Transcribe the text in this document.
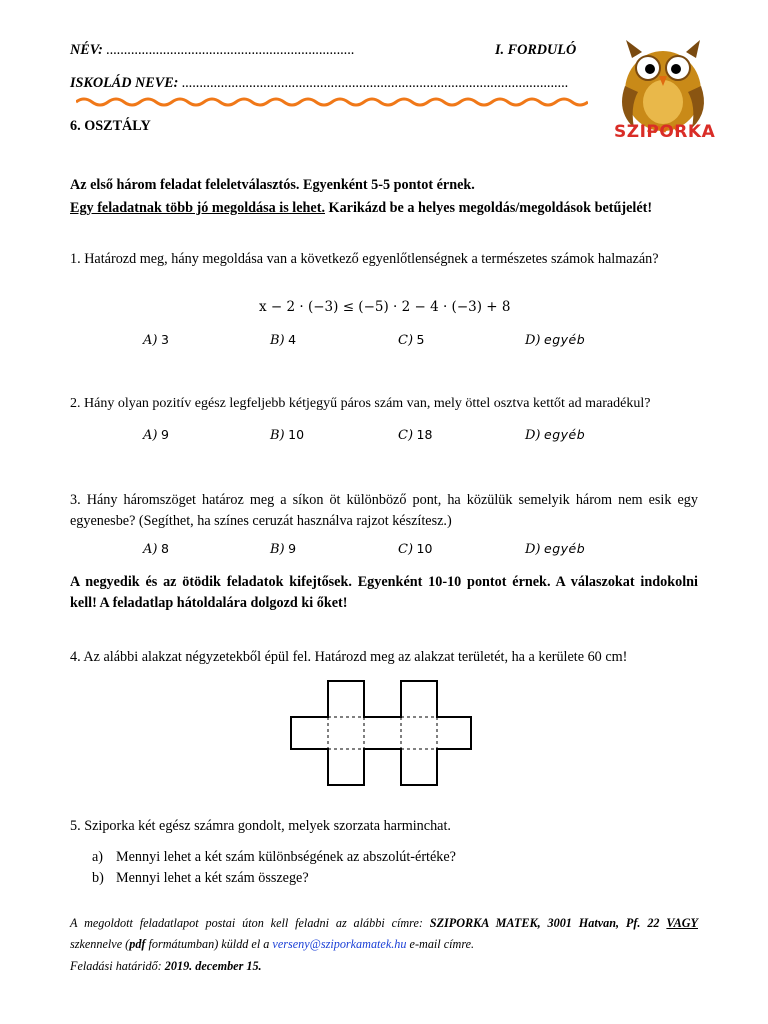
NÉV: ......................................................................	I. FORDULÓ
ISKOLÁD NEVE: .............................................................................................................
6. OSZTÁLY	SZIPORKA
Az első három feladat feleletválasztós. Egyenként 5-5 pontot érnek.
Egy feladatnak több jó megoldása is lehet. Karikázd be a helyes megoldás/megoldások betűjelét!
1. Határozd meg, hány megoldása van a következő egyenlőtlenségnek a természetes számok halmazán?
x − 2 · (−3) ≤ (−5) · 2 − 4 · (−3) + 8
A) 3	B) 4	C) 5	D) egyéb
2. Hány olyan pozitív egész legfeljebb kétjegyű páros szám van, mely öttel osztva kettőt ad maradékul?
A) 9	B) 10	C) 18	D) egyéb
3. Hány háromszöget határoz meg a síkon öt különböző pont, ha közülük semelyik három nem esik egy egyenesbe? (Segíthet, ha színes ceruzát használva rajzot készítesz.)
A) 8	B) 9	C) 10	D) egyéb
A negyedik és az ötödik feladatok kifejtősek. Egyenként 10-10 pontot érnek. A válaszokat indokolni kell! A feladatlap hátoldalára dolgozd ki őket!
4. Az alábbi alakzat négyzetekből épül fel. Határozd meg az alakzat területét, ha a kerülete 60 cm!
5. Sziporka két egész számra gondolt, melyek szorzata harminchat.
a) Mennyi lehet a két szám különbségének az abszolút-értéke?
b) Mennyi lehet a két szám összege?
A megoldott feladatlapot postai úton kell feladni az alábbi címre: SZIPORKA MATEK, 3001 Hatvan, Pf. 22 VAGY
szkennelve (pdf formátumban) küldd el a verseny@sziporkamatek.hu e-mail címre.
Feladási határidő: 2019. december 15.
